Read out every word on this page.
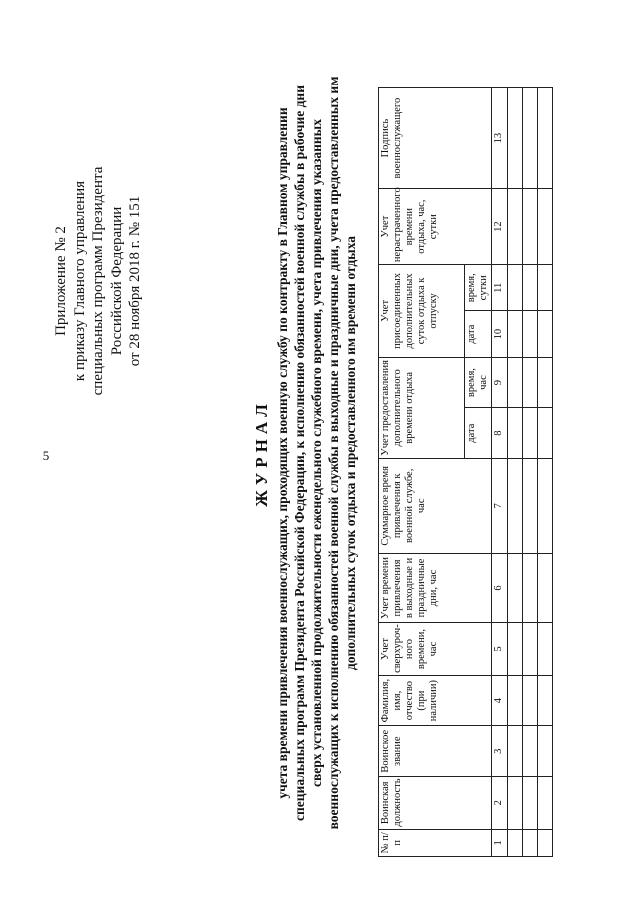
5
Приложение № 2 к приказу Главного управления специальных программ Президента Российской Федерации от 28 ноября 2018 г. № 151
ЖУРНАЛ учета времени привлечения военнослужащих, проходящих военную службу по контракту в Главном управлении специальных программ Президента Российской Федерации, к исполнению обязанностей военной службы в рабочие дни сверх установленной продолжительности еженедельного служебного времени, учета привлечения указанных военнослужащих к исполнению обязанностей военной службы в выходные и праздничные дни, учета предоставленных им дополнительных суток отдыха и предоставленного им времени отдыха
№ п/п	Воинская должность	Воинское звание	Фамилия, имя, отчество (при наличии)	Учет сверхуроч-ного времени, час	Учет времени привлечения в выходные и праздничные дни, час	Суммарное время привлечения к военной службе, час	Учет предоставления дополнительного времени отдыха		Учет присоединенных дополнительных суток отдыха к отпуску		Учет нерастраченного времени отдыха, час, сутки	Подпись военнослужащего
							дата	время, час	дата	время, сутки		
1	2	3	4	5	6	7	8	9	10	11	12	13
